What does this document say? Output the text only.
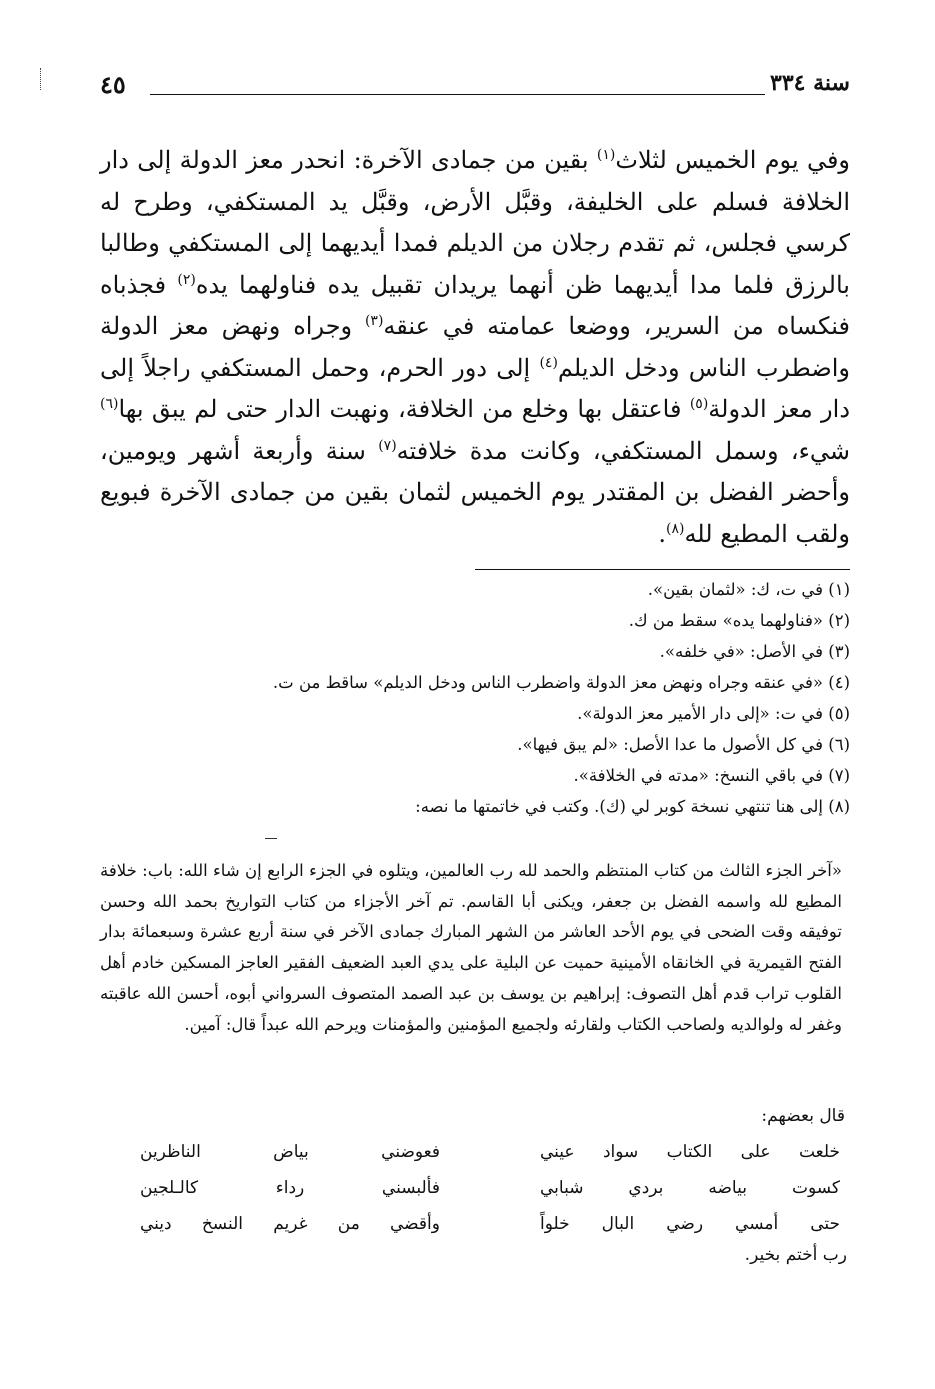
سنة ٣٣٤
٤٥

وفي يوم الخميس لثلاث$^{(١)}$ بقين من جمادى الآخرة: انحدر معز الدولة إلى دار الخلافة فسلم على الخليفة، وقبَّل الأرض، وقبَّل يد المستكفي، وطرح له كرسي فجلس، ثم تقدم رجلان من الديلم فمدا أيديهما إلى المستكفي وطالبا بالرزق فلما مدا أيديهما ظن أنهما يريدان تقبيل يده فناولهما يده$^{(٢)}$ فجذباه فنكساه من السرير، ووضعا عمامته في عنقه$^{(٣)}$ وجراه ونهض معز الدولة واضطرب الناس ودخل الديلم$^{(٤)}$ إلى دور الحرم، وحمل المستكفي راجلاً إلى دار معز الدولة$^{(٥)}$ فاعتقل بها وخلع من الخلافة، ونهبت الدار حتى لم يبق بها$^{(٦)}$ شيء، وسمل المستكفي، وكانت مدة خلافته$^{(٧)}$ سنة وأربعة أشهر ويومين، وأحضر الفضل بن المقتدر يوم الخميس لثمان بقين من جمادى الآخرة فبويع ولقب المطيع لله$^{(٨)}$.

(١) في ت، ك: «لثمان بقين».
(٢) «فناولهما يده» سقط من ك.
(٣) في الأصل: «في خلفه».
(٤) «في عنقه وجراه ونهض معز الدولة واضطرب الناس ودخل الديلم» ساقط من ت.
(٥) في ت: «إلى دار الأمير معز الدولة».
(٦) في كل الأصول ما عدا الأصل: «لم يبق فيها».
(٧) في باقي النسخ: «مدته في الخلافة».
(٨) إلى هنا تنتهي نسخة كوبر لي (ك). وكتب في خاتمتها ما نصه:

«آخر الجزء الثالث من كتاب المنتظم والحمد لله رب العالمين، ويتلوه في الجزء الرابع إن شاء الله: باب: خلافة المطيع لله واسمه الفضل بن جعفر، ويكنى أبا القاسم. تم آخر الأجزاء من كتاب التواريخ بحمد الله وحسن توفيقه وقت الضحى في يوم الأحد العاشر من الشهر المبارك جمادى الآخر في سنة أربع عشرة وسبعمائة بدار الفتح القيمرية في الخانقاه الأمينية حميت عن البلية على يدي العبد الضعيف الفقير العاجز المسكين خادم أهل القلوب تراب قدم أهل التصوف: إبراهيم بن يوسف بن عبد الصمد المتصوف السرواني أبوه، أحسن الله عاقبته وغفر له ولوالديه ولصاحب الكتاب ولقارئه ولجميع المؤمنين والمؤمنات ويرحم الله عبداً قال: آمين.

قال بعضهم:
خلعت على الكتاب سواد عيني
فعوضني بياض الناظرين
كسوت بياضه بردي شبابي
فألبسني رداء كالـلجين
حتى أمسي رضي البال خلواً
وأقضي من غريم النسخ ديني
رب أختم بخير.
